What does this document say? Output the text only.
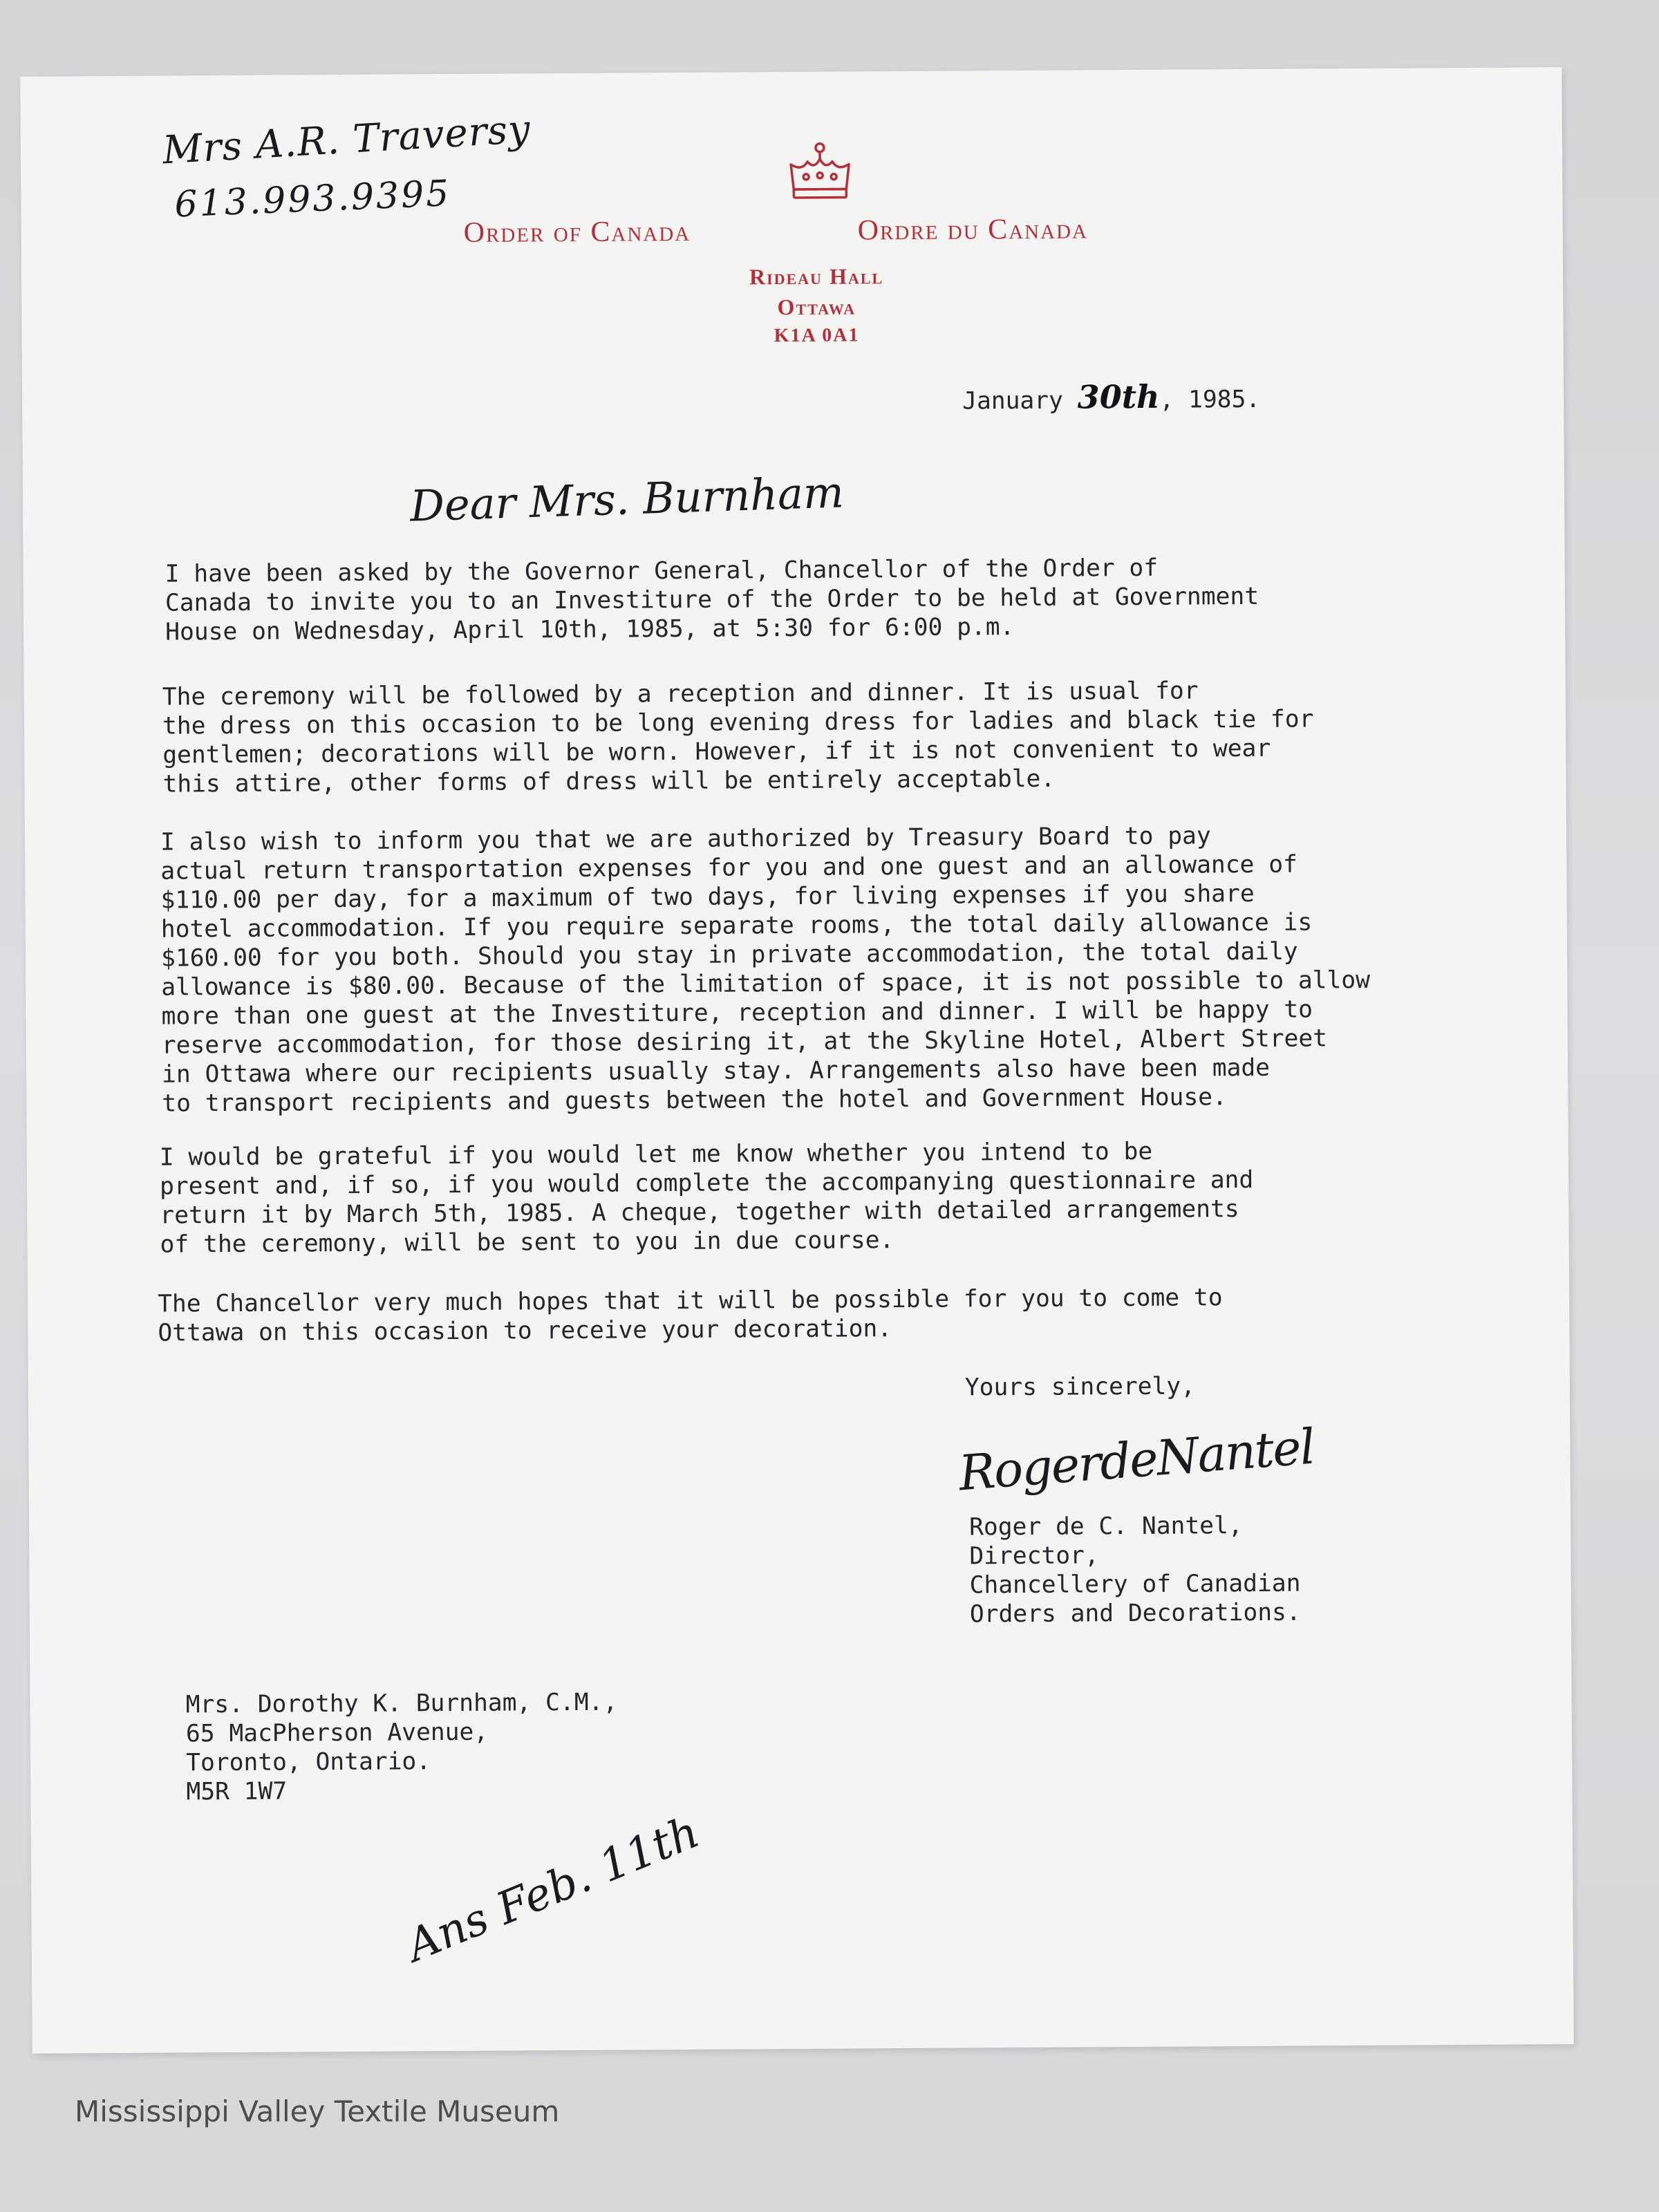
Mrs A.R. Traversy
613.993.9395
Order of Canada	Ordre du Canada
Rideau Hall
Ottawa
K1A 0A1
January 30th, 1985.
Dear Mrs. Burnham
I have been asked by the Governor General, Chancellor of the Order of
Canada to invite you to an Investiture of the Order to be held at Government
House on Wednesday, April 10th, 1985, at 5:30 for 6:00 p.m.
The ceremony will be followed by a reception and dinner. It is usual for
the dress on this occasion to be long evening dress for ladies and black tie for
gentlemen; decorations will be worn. However, if it is not convenient to wear
this attire, other forms of dress will be entirely acceptable.
I also wish to inform you that we are authorized by Treasury Board to pay
actual return transportation expenses for you and one guest and an allowance of
$110.00 per day, for a maximum of two days, for living expenses if you share
hotel accommodation. If you require separate rooms, the total daily allowance is
$160.00 for you both. Should you stay in private accommodation, the total daily
allowance is $80.00. Because of the limitation of space, it is not possible to allow
more than one guest at the Investiture, reception and dinner. I will be happy to
reserve accommodation, for those desiring it, at the Skyline Hotel, Albert Street
in Ottawa where our recipients usually stay. Arrangements also have been made
to transport recipients and guests between the hotel and Government House.
I would be grateful if you would let me know whether you intend to be
present and, if so, if you would complete the accompanying questionnaire and
return it by March 5th, 1985. A cheque, together with detailed arrangements
of the ceremony, will be sent to you in due course.
The Chancellor very much hopes that it will be possible for you to come to
Ottawa on this occasion to receive your decoration.
Yours sincerely,
RogerdeNantel
Roger de C. Nantel,
Director,
Chancellery of Canadian
Orders and Decorations.
Mrs. Dorothy K. Burnham, C.M.,
65 MacPherson Avenue,
Toronto, Ontario.
M5R 1W7
Ans Feb. 11th
Mississippi Valley Textile Museum
